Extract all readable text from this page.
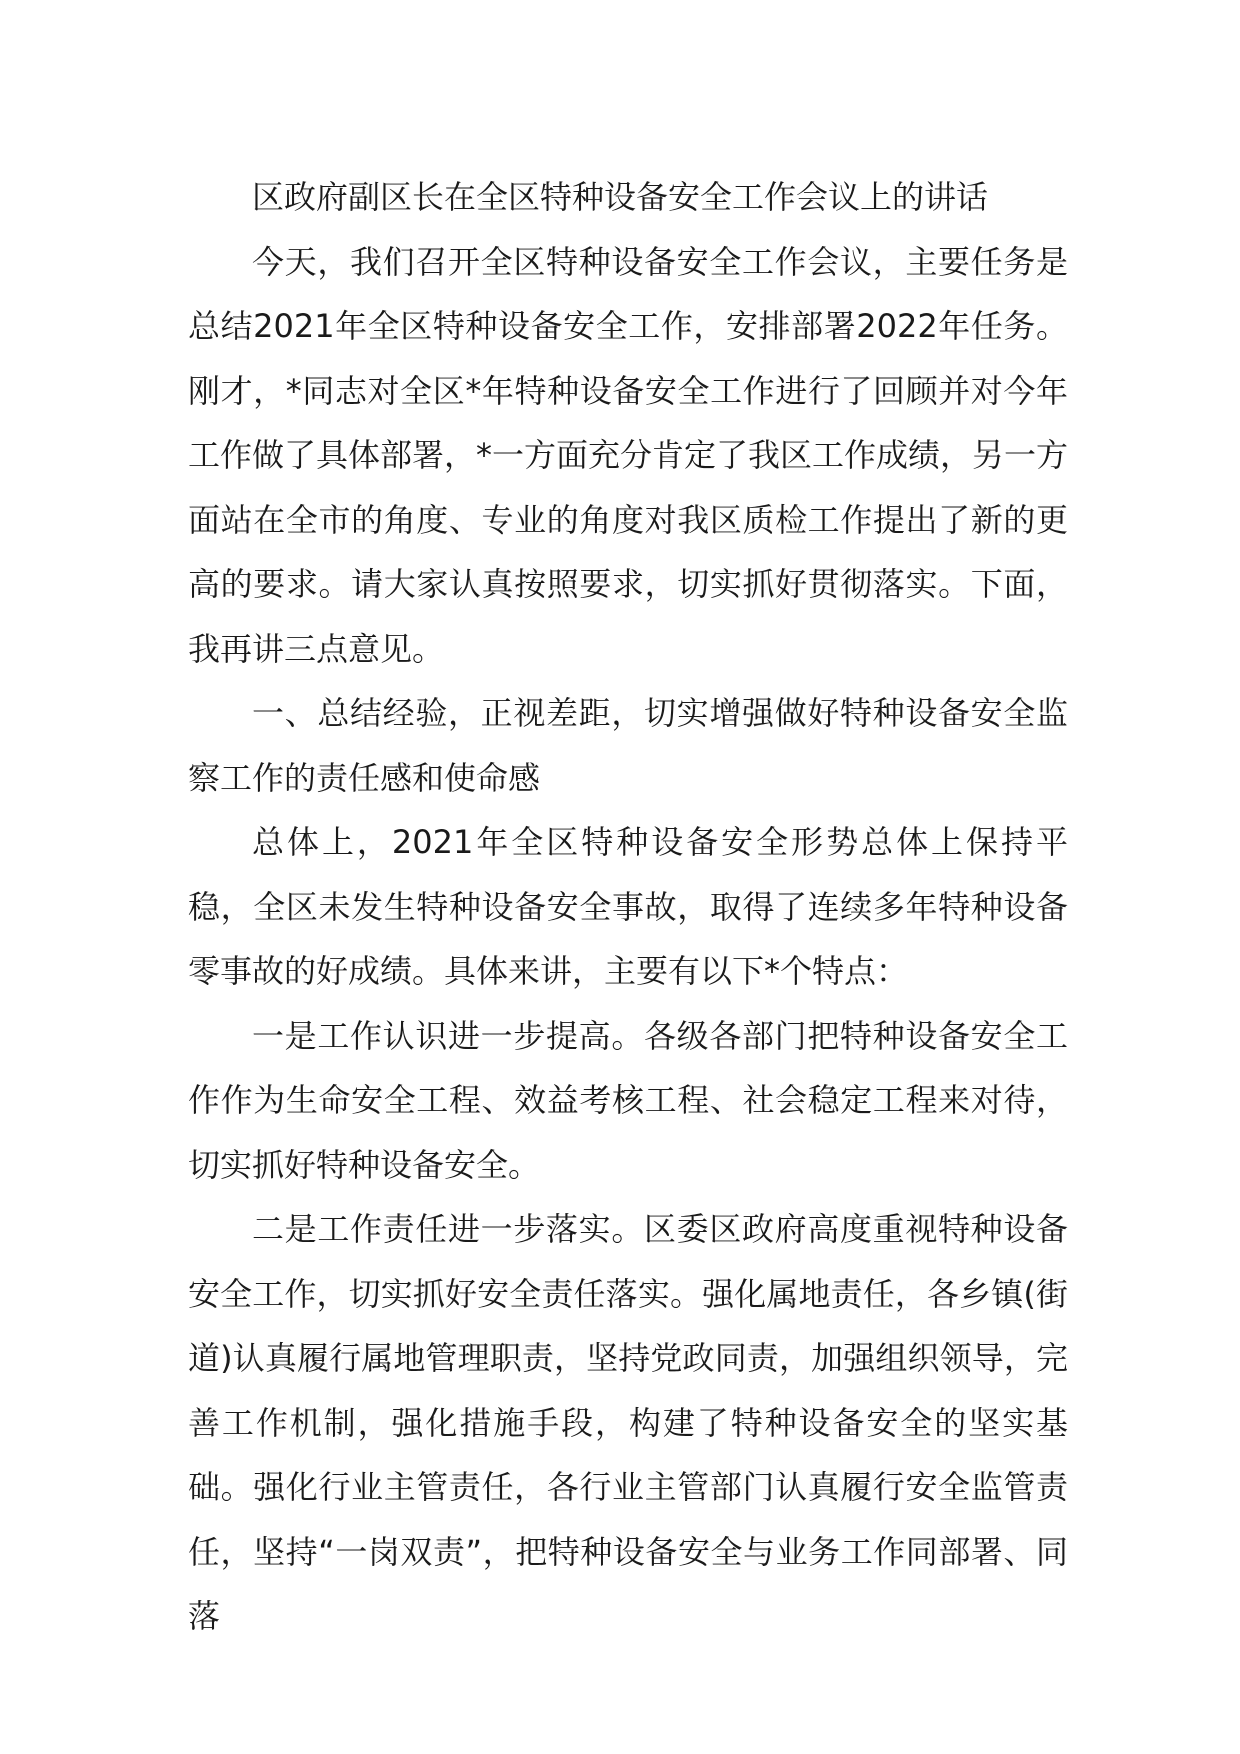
区政府副区长在全区特种设备安全工作会议上的讲话

今天，我们召开全区特种设备安全工作会议，主要任务是总结2021年全区特种设备安全工作，安排部署2022年任务。刚才，*同志对全区*年特种设备安全工作进行了回顾并对今年工作做了具体部署，*一方面充分肯定了我区工作成绩，另一方面站在全市的角度、专业的角度对我区质检工作提出了新的更高的要求。请大家认真按照要求，切实抓好贯彻落实。下面，我再讲三点意见。

一、总结经验，正视差距，切实增强做好特种设备安全监察工作的责任感和使命感

总体上，2021年全区特种设备安全形势总体上保持平稳，全区未发生特种设备安全事故，取得了连续多年特种设备零事故的好成绩。具体来讲，主要有以下*个特点：

一是工作认识进一步提高。各级各部门把特种设备安全工作作为生命安全工程、效益考核工程、社会稳定工程来对待，切实抓好特种设备安全。

二是工作责任进一步落实。区委区政府高度重视特种设备安全工作，切实抓好安全责任落实。强化属地责任，各乡镇(街道)认真履行属地管理职责，坚持党政同责，加强组织领导，完善工作机制，强化措施手段，构建了特种设备安全的坚实基础。强化行业主管责任，各行业主管部门认真履行安全监管责任，坚持“一岗双责”，把特种设备安全与业务工作同部署、同落
